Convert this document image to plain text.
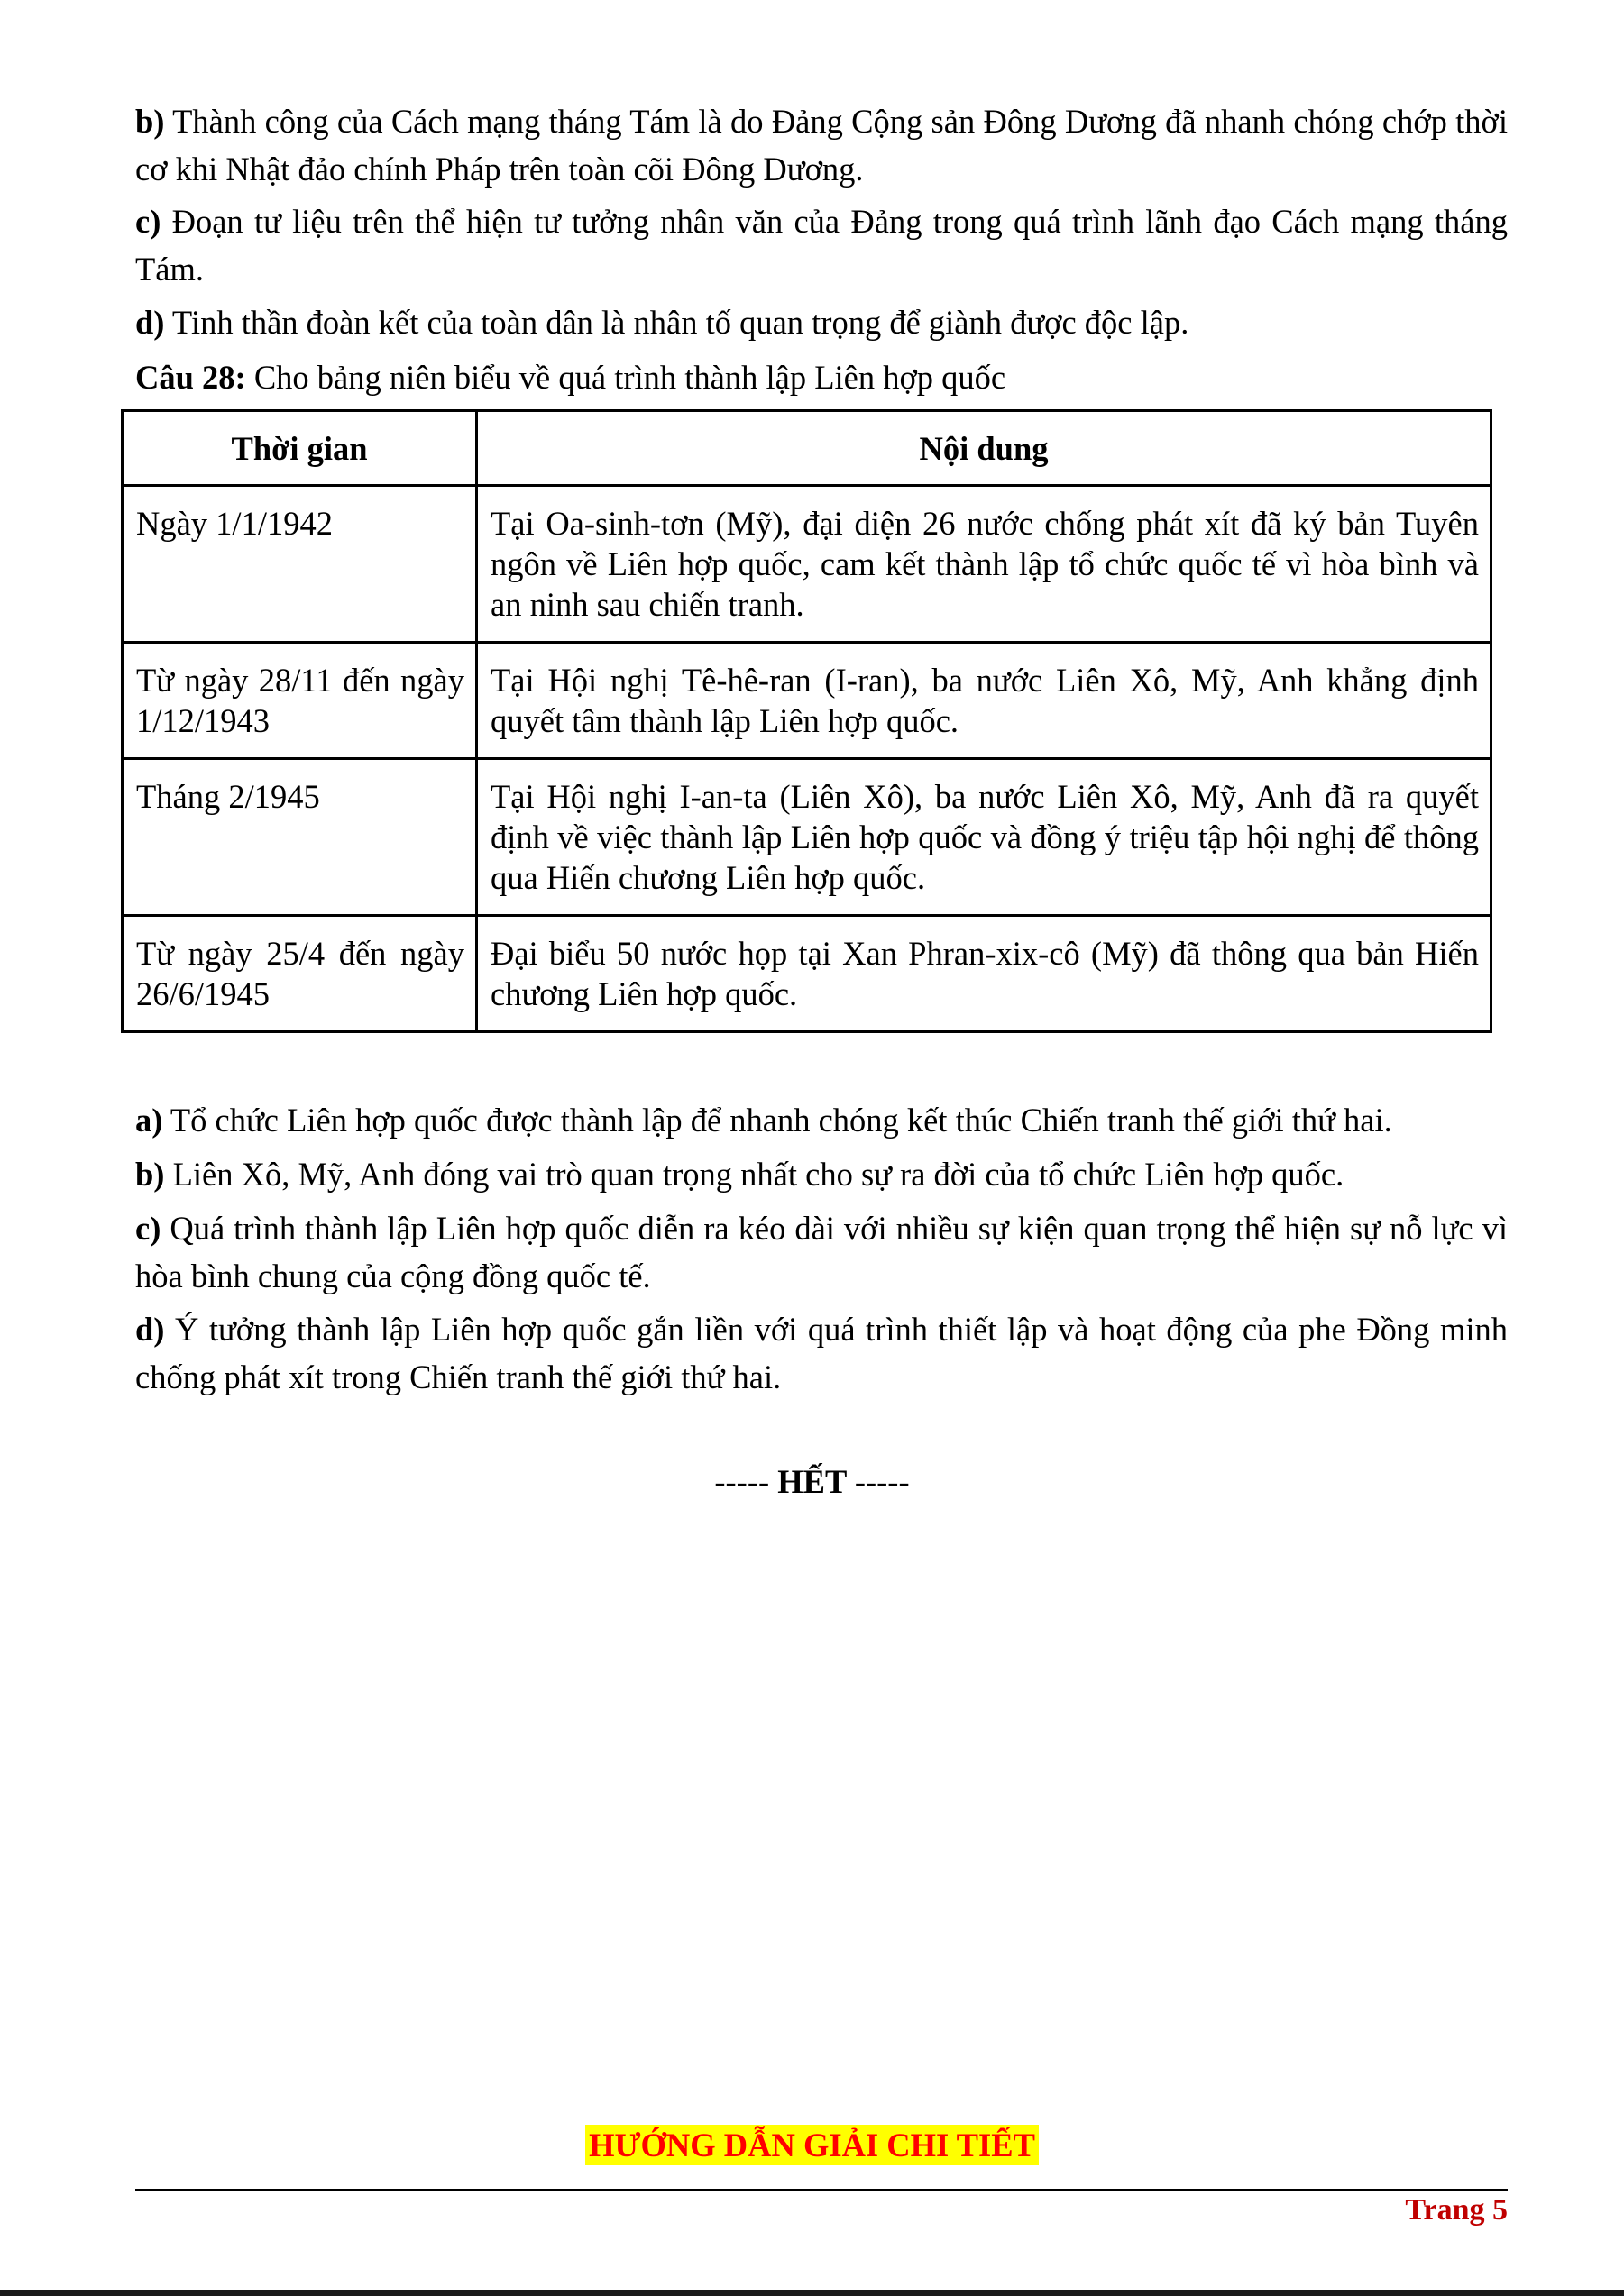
b) Thành công của Cách mạng tháng Tám là do Đảng Cộng sản Đông Dương đã nhanh chóng chớp thời cơ khi Nhật đảo chính Pháp trên toàn cõi Đông Dương.

c) Đoạn tư liệu trên thể hiện tư tưởng nhân văn của Đảng trong quá trình lãnh đạo Cách mạng tháng Tám.

d) Tinh thần đoàn kết của toàn dân là nhân tố quan trọng để giành được độc lập.

Câu 28: Cho bảng niên biểu về quá trình thành lập Liên hợp quốc

Thời gian	Nội dung
Ngày 1/1/1942	Tại Oa-sinh-tơn (Mỹ), đại diện 26 nước chống phát xít đã ký bản Tuyên ngôn về Liên hợp quốc, cam kết thành lập tổ chức quốc tế vì hòa bình và an ninh sau chiến tranh.
Từ ngày 28/11 đến ngày 1/12/1943	Tại Hội nghị Tê-hê-ran (I-ran), ba nước Liên Xô, Mỹ, Anh khẳng định quyết tâm thành lập Liên hợp quốc.
Tháng 2/1945	Tại Hội nghị I-an-ta (Liên Xô), ba nước Liên Xô, Mỹ, Anh đã ra quyết định về việc thành lập Liên hợp quốc và đồng ý triệu tập hội nghị để thông qua Hiến chương Liên hợp quốc.
Từ ngày 25/4 đến ngày 26/6/1945	Đại biểu 50 nước họp tại Xan Phran-xix-cô (Mỹ) đã thông qua bản Hiến chương Liên hợp quốc.

a) Tổ chức Liên hợp quốc được thành lập để nhanh chóng kết thúc Chiến tranh thế giới thứ hai.

b) Liên Xô, Mỹ, Anh đóng vai trò quan trọng nhất cho sự ra đời của tổ chức Liên hợp quốc.

c) Quá trình thành lập Liên hợp quốc diễn ra kéo dài với nhiều sự kiện quan trọng thể hiện sự nỗ lực vì hòa bình chung của cộng đồng quốc tế.

d) Ý tưởng thành lập Liên hợp quốc gắn liền với quá trình thiết lập và hoạt động của phe Đồng minh chống phát xít trong Chiến tranh thế giới thứ hai.

----- HẾT -----
HƯỚNG DẪN GIẢI CHI TIẾT
Trang 5
